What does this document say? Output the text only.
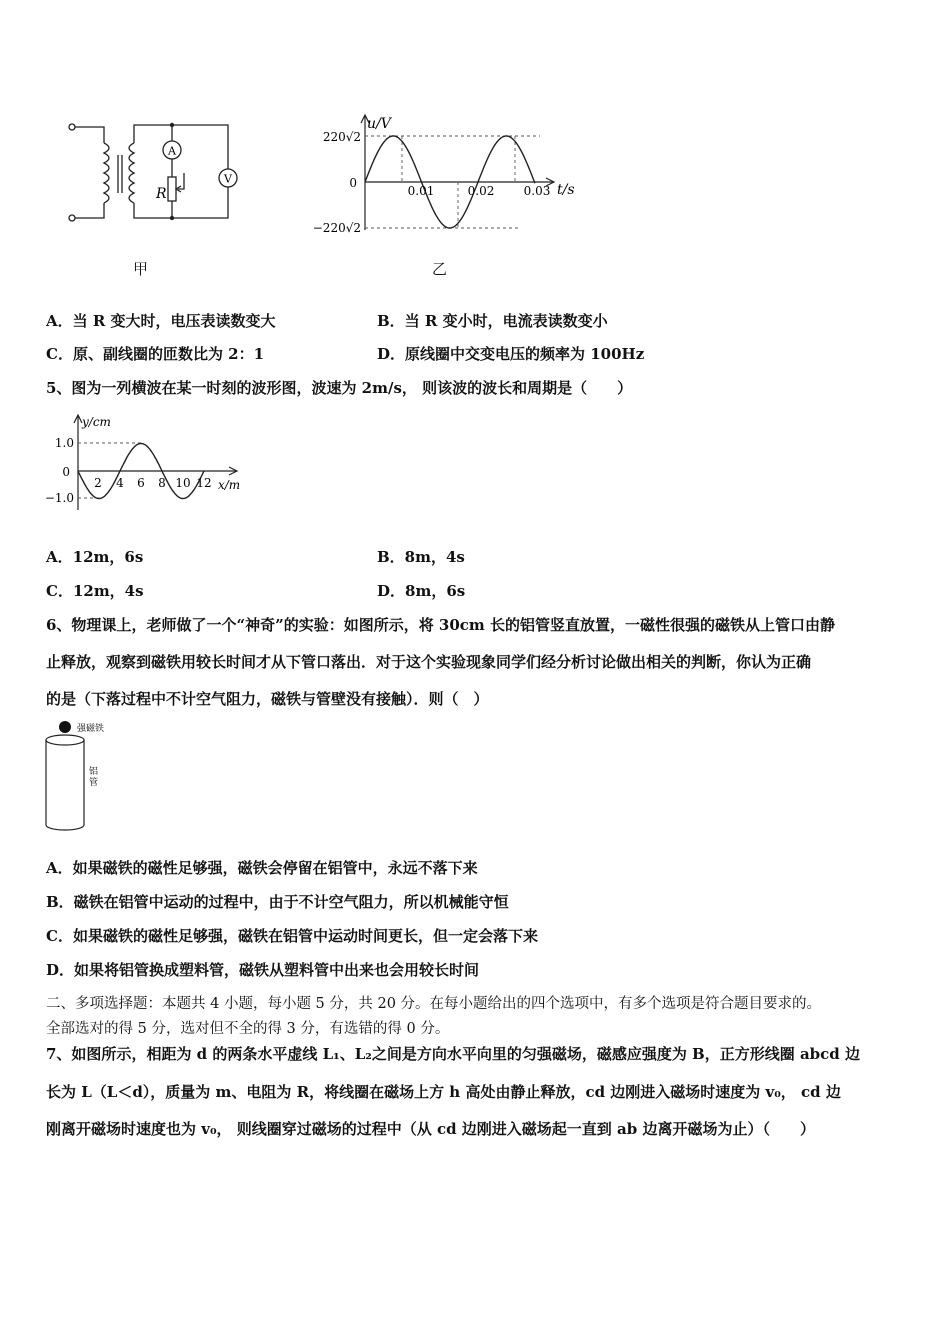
A
V
R
甲
u/V
t/s
220√2
−220√2
0
0.01	0.02 0.03
乙
A．当 R 变大时，电压表读数变大	B．当 R 变小时，电流表读数变小
C．原、副线圈的匝数比为 2：1	D．原线圈中交变电压的频率为 100Hz
5、图为一列横波在某一时刻的波形图，波速为 2m/s， 则该波的波长和周期是（　　）
y/cm
x/m
1.0
−1.0
0
2 4 6 8 10 12
A．12m，6s	B．8m，4s
C．12m，4s	D．8m，6s
6、物理课上，老师做了一个“神奇”的实验：如图所示，将 30cm 长的铝管竖直放置，一磁性很强的磁铁从上管口由静
止释放，观察到磁铁用较长时间才从下管口落出．对于这个实验现象同学们经分析讨论做出相关的判断，你认为正确
的是（下落过程中不计空气阻力，磁铁与管壁没有接触）．则（　）
强磁铁
铝
管
A．如果磁铁的磁性足够强，磁铁会停留在铝管中，永远不落下来
B．磁铁在铝管中运动的过程中，由于不计空气阻力，所以机械能守恒
C．如果磁铁的磁性足够强，磁铁在铝管中运动时间更长，但一定会落下来
D．如果将铝管换成塑料管，磁铁从塑料管中出来也会用较长时间
二、多项选择题：本题共 4 小题，每小题 5 分，共 20 分。在每小题给出的四个选项中，有多个选项是符合题目要求的。
全部选对的得 5 分，选对但不全的得 3 分，有选错的得 0 分。
7、如图所示，相距为 d 的两条水平虚线 L₁、L₂之间是方向水平向里的匀强磁场，磁感应强度为 B，正方形线圈 abcd 边
长为 L（L＜d），质量为 m、电阻为 R，将线圈在磁场上方 h 高处由静止释放，cd 边刚进入磁场时速度为 v₀， cd 边
刚离开磁场时速度也为 v₀， 则线圈穿过磁场的过程中（从 cd 边刚进入磁场起一直到 ab 边离开磁场为止）（　　）
